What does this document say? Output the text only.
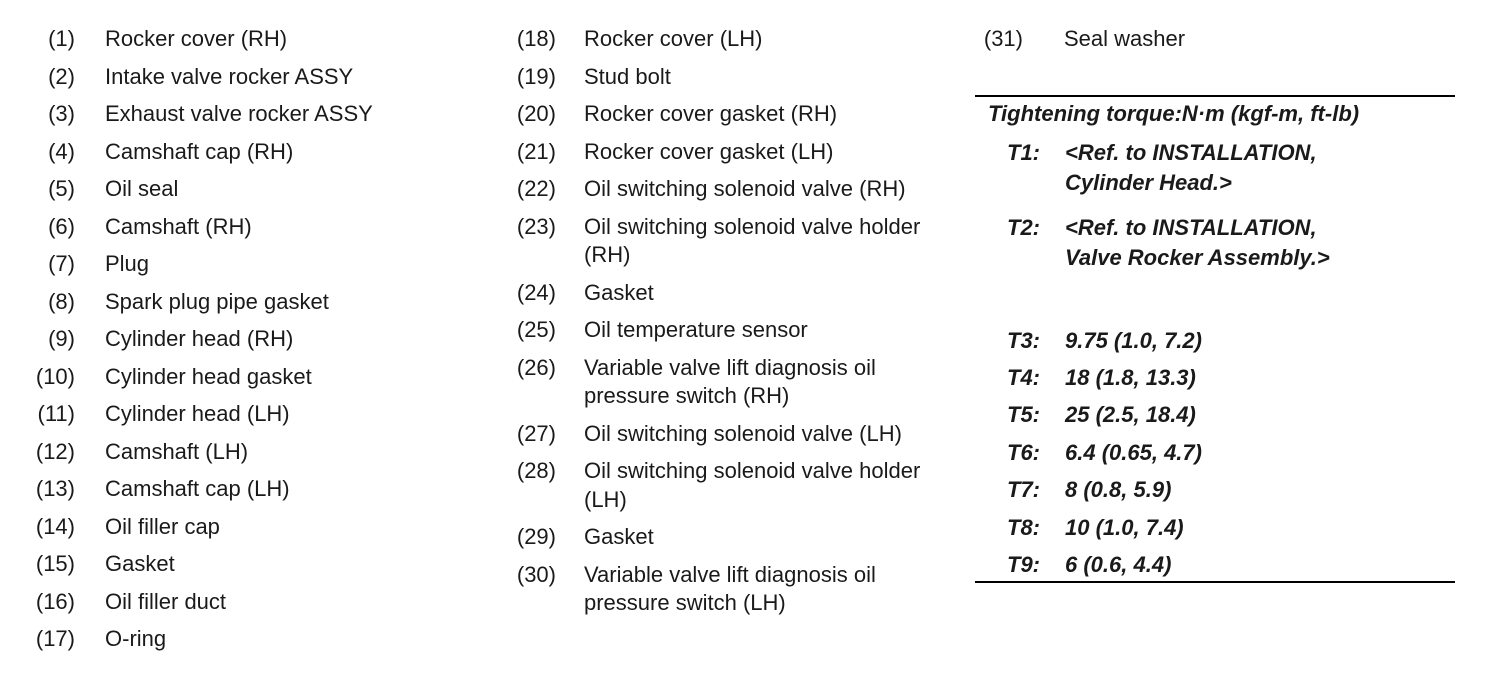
(1) Rocker cover (RH)
(2) Intake valve rocker ASSY
(3) Exhaust valve rocker ASSY
(4) Camshaft cap (RH)
(5) Oil seal
(6) Camshaft (RH)
(7) Plug
(8) Spark plug pipe gasket
(9) Cylinder head (RH)
(10) Cylinder head gasket
(11) Cylinder head (LH)
(12) Camshaft (LH)
(13) Camshaft cap (LH)
(14) Oil filler cap
(15) Gasket
(16) Oil filler duct
(17) O-ring
(18) Rocker cover (LH)
(19) Stud bolt
(20) Rocker cover gasket (RH)
(21) Rocker cover gasket (LH)
(22) Oil switching solenoid valve (RH)
(23) Oil switching solenoid valve holder (RH)
(24) Gasket
(25) Oil temperature sensor
(26) Variable valve lift diagnosis oil pressure switch (RH)
(27) Oil switching solenoid valve (LH)
(28) Oil switching solenoid valve holder (LH)
(29) Gasket
(30) Variable valve lift diagnosis oil pressure switch (LH)
(31) Seal washer
Tightening torque:N·m (kgf-m, ft-lb)
T1:	<Ref. to INSTALLATION,
Cylinder Head.>
T2:	<Ref. to INSTALLATION,
Valve Rocker Assembly.>
T3:	9.75 (1.0, 7.2)
T4:	18 (1.8, 13.3)
T5:	25 (2.5, 18.4)
T6:	6.4 (0.65, 4.7)
T7:	8 (0.8, 5.9)
T8:	10 (1.0, 7.4)
T9:	6 (0.6, 4.4)
